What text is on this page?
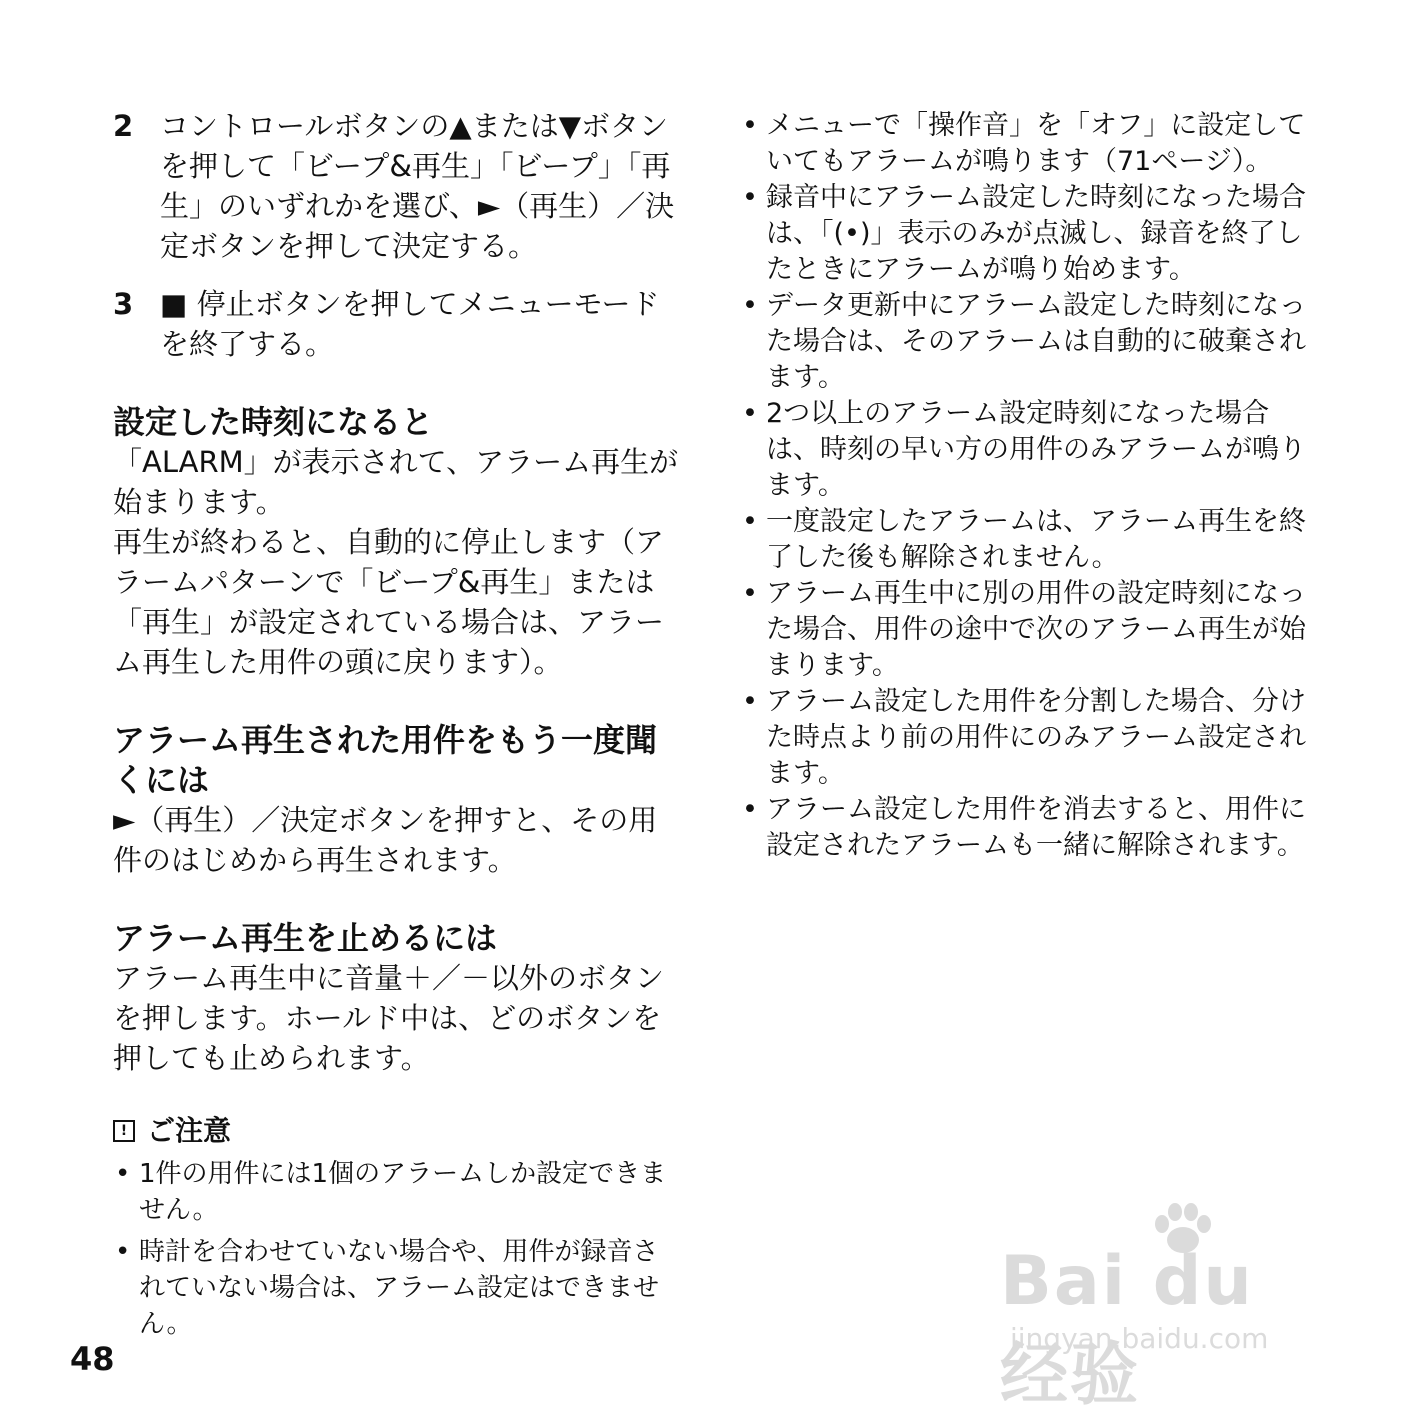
2 コントロールボタンの▲または▼ボタンを押して「ビープ&再生」「ビープ」「再生」のいずれかを選び、►（再生）／決定ボタンを押して決定する。
3 ■ 停止ボタンを押してメニューモードを終了する。
設定した時刻になると
「ALARM」が表示されて、アラーム再生が始まります。
再生が終わると、自動的に停止します（アラームパターンで「ビープ&再生」または「再生」が設定されている場合は、アラーム再生した用件の頭に戻ります）。
アラーム再生された用件をもう一度聞くには
►（再生）／決定ボタンを押すと、その用件のはじめから再生されます。
アラーム再生を止めるには
アラーム再生中に音量＋／－以外のボタンを押します。ホールド中は、どのボタンを押しても止められます。
! ご注意
• 1件の用件には1個のアラームしか設定できません。
• 時計を合わせていない場合や、用件が録音されていない場合は、アラーム設定はできません。
• メニューで「操作音」を「オフ」に設定していてもアラームが鳴ります（71ページ）。
• 録音中にアラーム設定した時刻になった場合は、「(•)」表示のみが点滅し、録音を終了したときにアラームが鳴り始めます。
• データ更新中にアラーム設定した時刻になった場合は、そのアラームは自動的に破棄されます。
• 2つ以上のアラーム設定時刻になった場合は、時刻の早い方の用件のみアラームが鳴ります。
• 一度設定したアラームは、アラーム再生を終了した後も解除されません。
• アラーム再生中に別の用件の設定時刻になった場合、用件の途中で次のアラーム再生が始まります。
• アラーム設定した用件を分割した場合、分けた時点より前の用件にのみアラーム設定されます。
• アラーム設定した用件を消去すると、用件に設定されたアラームも一緒に解除されます。
48
Bai du 经验
jingyan.baidu.com
